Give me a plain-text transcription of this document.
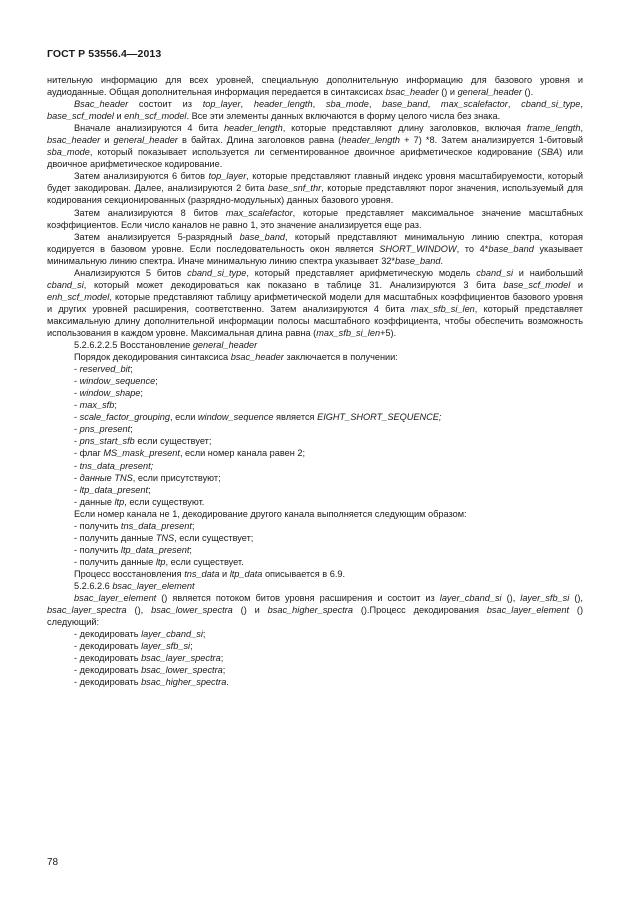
ГОСТ Р 53556.4—2013

нительную информацию для всех уровней, специальную дополнительную информацию для базового уровня и аудиоданные. Общая дополнительная информация передается в синтаксисах bsac_header () и general_header ().

Bsac_header состоит из top_layer, header_length, sba_mode, base_band, max_scalefactor, cband_si_type, base_scf_model и enh_scf_model. Все эти элементы данных включаются в форму целого числа без знака.

Вначале анализируются 4 бита header_length, которые представляют длину заголовков, включая frame_length, bsac_header и general_header в байтах. Длина заголовков равна (header_length + 7) *8. Затем анализируется 1-битовый sba_mode, который показывает используется ли сегментированное двоичное арифметическое кодирование (SBA) или двоичное арифметическое кодирование.

Затем анализируются 6 битов top_layer, которые представляют главный индекс уровня масштабируемости, который будет закодирован. Далее, анализируются 2 бита base_snf_thr, которые представляют порог значения, используемый для кодирования секционированных (разрядно-модульных) данных базового уровня.

Затем анализируются 8 битов max_scalefactor, которые представляет максимальное значение масштабных коэффициентов. Если число каналов не равно 1, это значение анализируется еще раз.

Затем анализируется 5-разрядный base_band, который представляют минимальную линию спектра, которая кодируется в базовом уровне. Если последовательность окон является SHORT_WINDOW, то 4*base_band указывает минимальную линию спектра. Иначе минимальную линию спектра указывает 32*base_band.

Анализируются 5 битов cband_si_type, который представляет арифметическую модель cband_si и наибольший cband_si, который может декодироваться как показано в таблице 31. Анализируются 3 бита base_scf_model и enh_scf_model, которые представляют таблицу арифметической модели для масштабных коэффициентов базового уровня и других уровней расширения, соответственно. Затем анализируются 4 бита max_sfb_si_len, который представляет максимальную длину дополнительной информации полосы масштабного коэффициента, чтобы обеспечить возможность использования в каждом уровне. Максимальная длина равна (max_sfb_si_len+5).

5.2.6.2.2.5 Восстановление general_header

Порядок декодирования синтаксиса bsac_header заключается в получении:

- reserved_bit;

- window_sequence;

- window_shape;

- max_sfb;

- scale_factor_grouping, если window_sequence является EIGHT_SHORT_SEQUENCE;

- pns_present;

- pns_start_sfb если существует;

- флаг MS_mask_present, если номер канала равен 2;

- tns_data_present;

- данные TNS, если присутствуют;

- ltp_data_present;

- данные ltp, если существуют.

Если номер канала не 1, декодирование другого канала выполняется следующим образом:

- получить tns_data_present;

- получить данные TNS, если существует;

- получить ltp_data_present;

- получить данные ltp, если существует.

Процесс восстановления tns_data и ltp_data описывается в 6.9.

5.2.6.2.6 bsac_layer_element

bsac_layer_element () является потоком битов уровня расширения и состоит из layer_cband_si (), layer_sfb_si (), bsac_layer_spectra (), bsac_lower_spectra () и bsac_higher_spectra ().Процесс декодирования bsac_layer_element () следующий:

- декодировать layer_cband_si;

- декодировать layer_sfb_si;

- декодировать bsac_layer_spectra;

- декодировать bsac_lower_spectra;

- декодировать bsac_higher_spectra.

78
